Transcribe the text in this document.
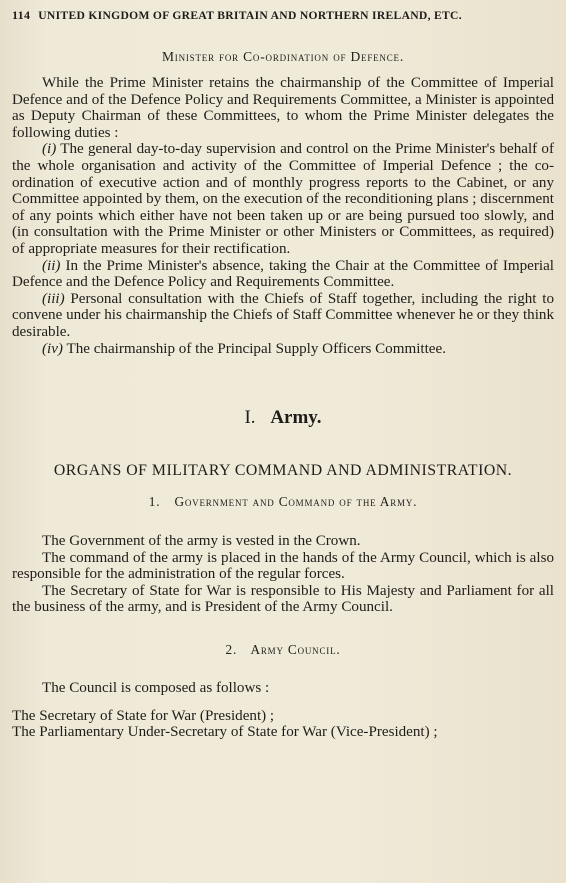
114 UNITED KINGDOM OF GREAT BRITAIN AND NORTHERN IRELAND, ETC.
Minister for Co-ordination of Defence.

While the Prime Minister retains the chairmanship of the Committee of Imperial Defence and of the Defence Policy and Requirements Committee, a Minister is appointed as Deputy Chairman of these Committees, to whom the Prime Minister delegates the following duties :

(i) The general day-to-day supervision and control on the Prime Minister's behalf of the whole organisation and activity of the Committee of Imperial Defence ; the co-ordination of executive action and of monthly progress reports to the Cabinet, or any Committee appointed by them, on the execution of the reconditioning plans ; discernment of any points which either have not been taken up or are being pursued too slowly, and (in consultation with the Prime Minister or other Ministers or Committees, as required) of appropriate measures for their rectification.

(ii) In the Prime Minister's absence, taking the Chair at the Committee of Imperial Defence and the Defence Policy and Requirements Committee.

(iii) Personal consultation with the Chiefs of Staff together, including the right to convene under his chairmanship the Chiefs of Staff Committee whenever he or they think desirable.

(iv) The chairmanship of the Principal Supply Officers Committee.

I. Army.
ORGANS OF MILITARY COMMAND AND ADMINISTRATION.
1. Government and Command of the Army.

The Government of the army is vested in the Crown.

The command of the army is placed in the hands of the Army Council, which is also responsible for the administration of the regular forces.

The Secretary of State for War is responsible to His Majesty and Parliament for all the business of the army, and is President of the Army Council.

2. Army Council.

The Council is composed as follows :

The Secretary of State for War (President) ;

The Parliamentary Under-Secretary of State for War (Vice-President) ;
